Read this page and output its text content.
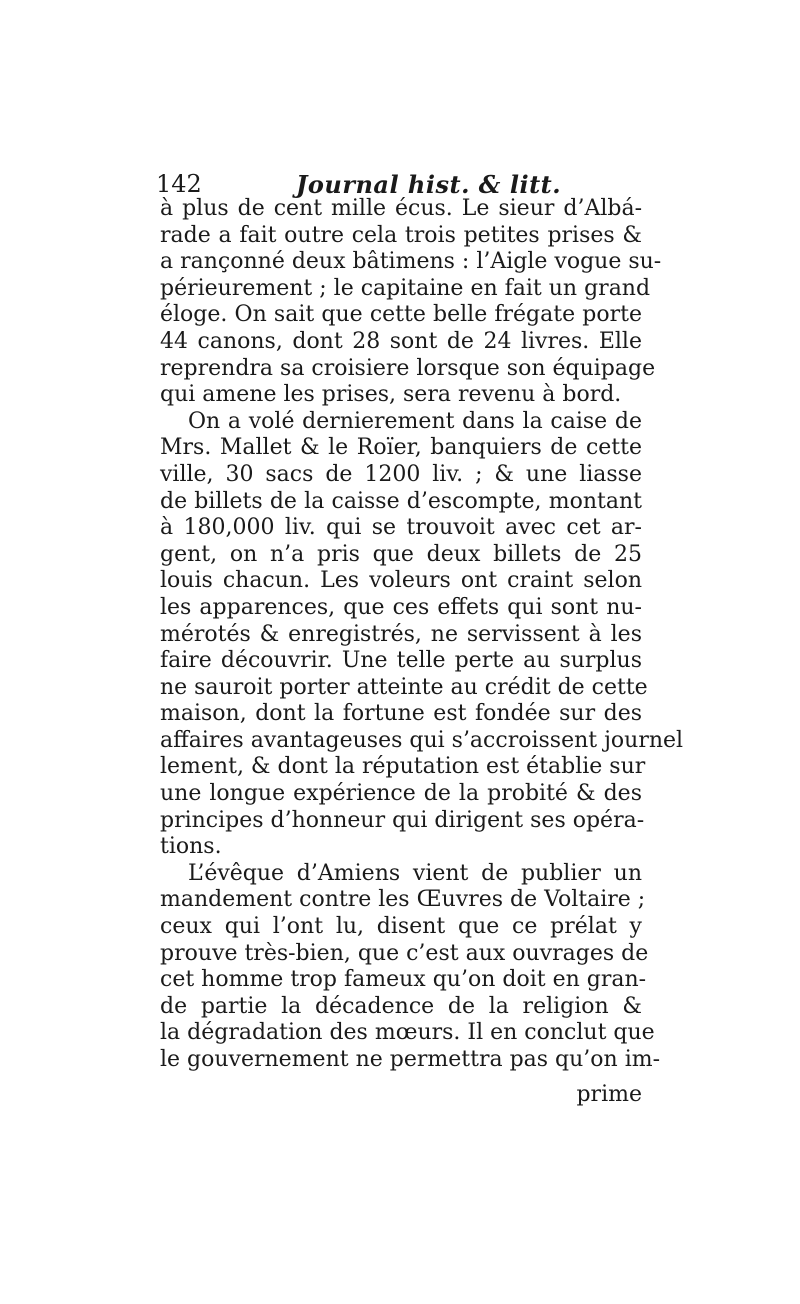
142	Journal hist. & litt.
à plus de cent mille écus. Le sieur d’Albá-
rade a fait outre cela trois petites prises &
a rançonné deux bâtimens : l’Aigle vogue su-
périeurement ; le capitaine en fait un grand
éloge. On sait que cette belle frégate porte
44 canons, dont 28 sont de 24 livres. Elle
reprendra sa croisiere lorsque son équipage
qui amene les prises, sera revenu à bord.
On a volé dernierement dans la caise de
Mrs. Mallet & le Roïer, banquiers de cette
ville, 30 sacs de 1200 liv. ; & une liasse
de billets de la caisse d’escompte, montant
à 180,000 liv. qui se trouvoit avec cet ar-
gent, on n’a pris que deux billets de 25
louis chacun. Les voleurs ont craint selon
les apparences, que ces effets qui sont nu-
mérotés & enregistrés, ne servissent à les
faire découvrir. Une telle perte au surplus
ne sauroit porter atteinte au crédit de cette
maison, dont la fortune est fondée sur des
affaires avantageuses qui s’accroissent journel
lement, & dont la réputation est établie sur
une longue expérience de la probité & des
principes d’honneur qui dirigent ses opéra-
tions.
L’évêque d’Amiens vient de publier un
mandement contre les Œuvres de Voltaire ;
ceux qui l’ont lu, disent que ce prélat y
prouve très-bien, que c’est aux ouvrages de
cet homme trop fameux qu’on doit en gran-
de partie la décadence de la religion &
la dégradation des mœurs. Il en conclut que
le gouvernement ne permettra pas qu’on im-
prime
